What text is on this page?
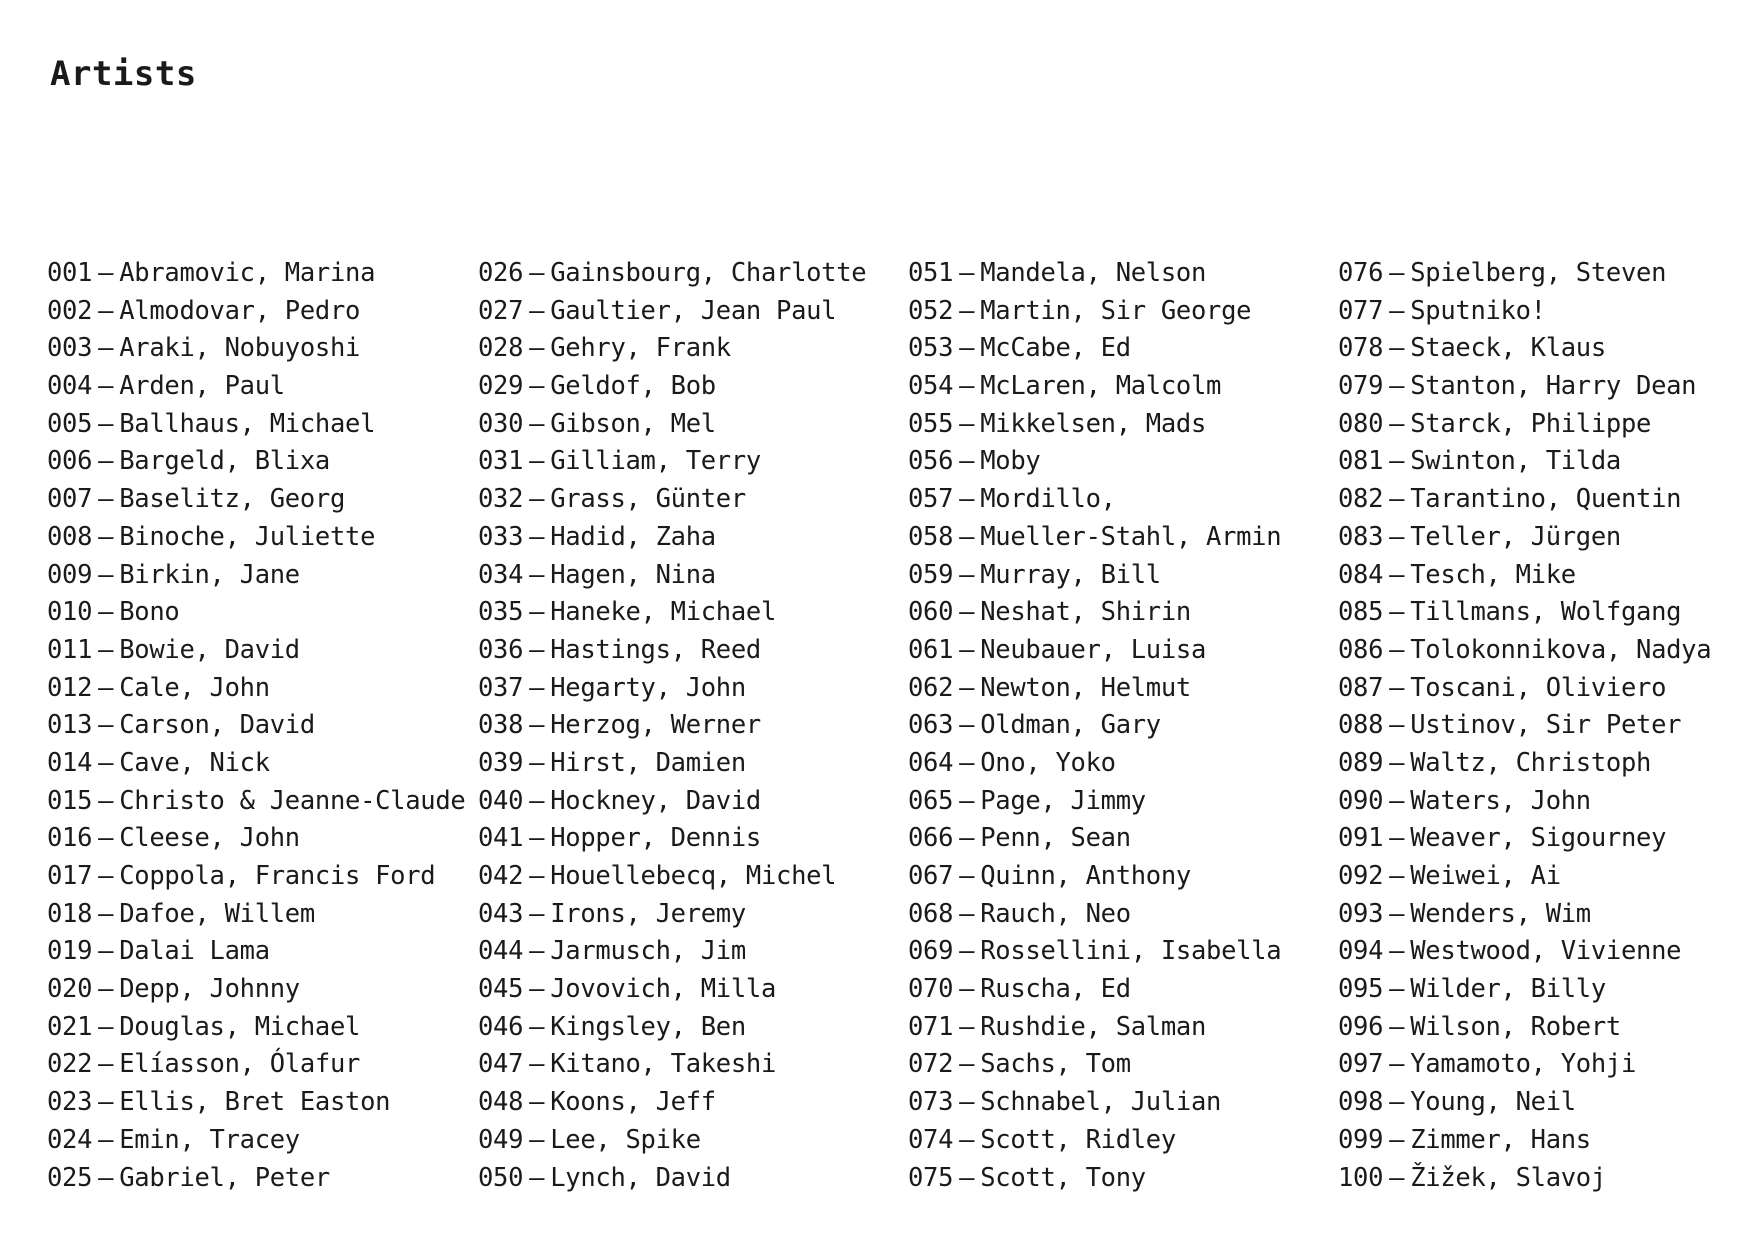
Artists
001 – Abramovic, Marina
002 – Almodovar, Pedro
003 – Araki, Nobuyoshi
004 – Arden, Paul
005 – Ballhaus, Michael
006 – Bargeld, Blixa
007 – Baselitz, Georg
008 – Binoche, Juliette
009 – Birkin, Jane
010 – Bono
011 – Bowie, David
012 – Cale, John
013 – Carson, David
014 – Cave, Nick
015 – Christo & Jeanne-Claude
016 – Cleese, John
017 – Coppola, Francis Ford
018 – Dafoe, Willem
019 – Dalai Lama
020 – Depp, Johnny
021 – Douglas, Michael
022 – Elíasson, Ólafur
023 – Ellis, Bret Easton
024 – Emin, Tracey
025 – Gabriel, Peter
026 – Gainsbourg, Charlotte
027 – Gaultier, Jean Paul
028 – Gehry, Frank
029 – Geldof, Bob
030 – Gibson, Mel
031 – Gilliam, Terry
032 – Grass, Günter
033 – Hadid, Zaha
034 – Hagen, Nina
035 – Haneke, Michael
036 – Hastings, Reed
037 – Hegarty, John
038 – Herzog, Werner
039 – Hirst, Damien
040 – Hockney, David
041 – Hopper, Dennis
042 – Houellebecq, Michel
043 – Irons, Jeremy
044 – Jarmusch, Jim
045 – Jovovich, Milla
046 – Kingsley, Ben
047 – Kitano, Takeshi
048 – Koons, Jeff
049 – Lee, Spike
050 – Lynch, David
051 – Mandela, Nelson
052 – Martin, Sir George
053 – McCabe, Ed
054 – McLaren, Malcolm
055 – Mikkelsen, Mads
056 – Moby
057 – Mordillo,
058 – Mueller-Stahl, Armin
059 – Murray, Bill
060 – Neshat, Shirin
061 – Neubauer, Luisa
062 – Newton, Helmut
063 – Oldman, Gary
064 – Ono, Yoko
065 – Page, Jimmy
066 – Penn, Sean
067 – Quinn, Anthony
068 – Rauch, Neo
069 – Rossellini, Isabella
070 – Ruscha, Ed
071 – Rushdie, Salman
072 – Sachs, Tom
073 – Schnabel, Julian
074 – Scott, Ridley
075 – Scott, Tony
076 – Spielberg, Steven
077 – Sputniko!
078 – Staeck, Klaus
079 – Stanton, Harry Dean
080 – Starck, Philippe
081 – Swinton, Tilda
082 – Tarantino, Quentin
083 – Teller, Jürgen
084 – Tesch, Mike
085 – Tillmans, Wolfgang
086 – Tolokonnikova, Nadya
087 – Toscani, Oliviero
088 – Ustinov, Sir Peter
089 – Waltz, Christoph
090 – Waters, John
091 – Weaver, Sigourney
092 – Weiwei, Ai
093 – Wenders, Wim
094 – Westwood, Vivienne
095 – Wilder, Billy
096 – Wilson, Robert
097 – Yamamoto, Yohji
098 – Young, Neil
099 – Zimmer, Hans
100 – Žižek, Slavoj
